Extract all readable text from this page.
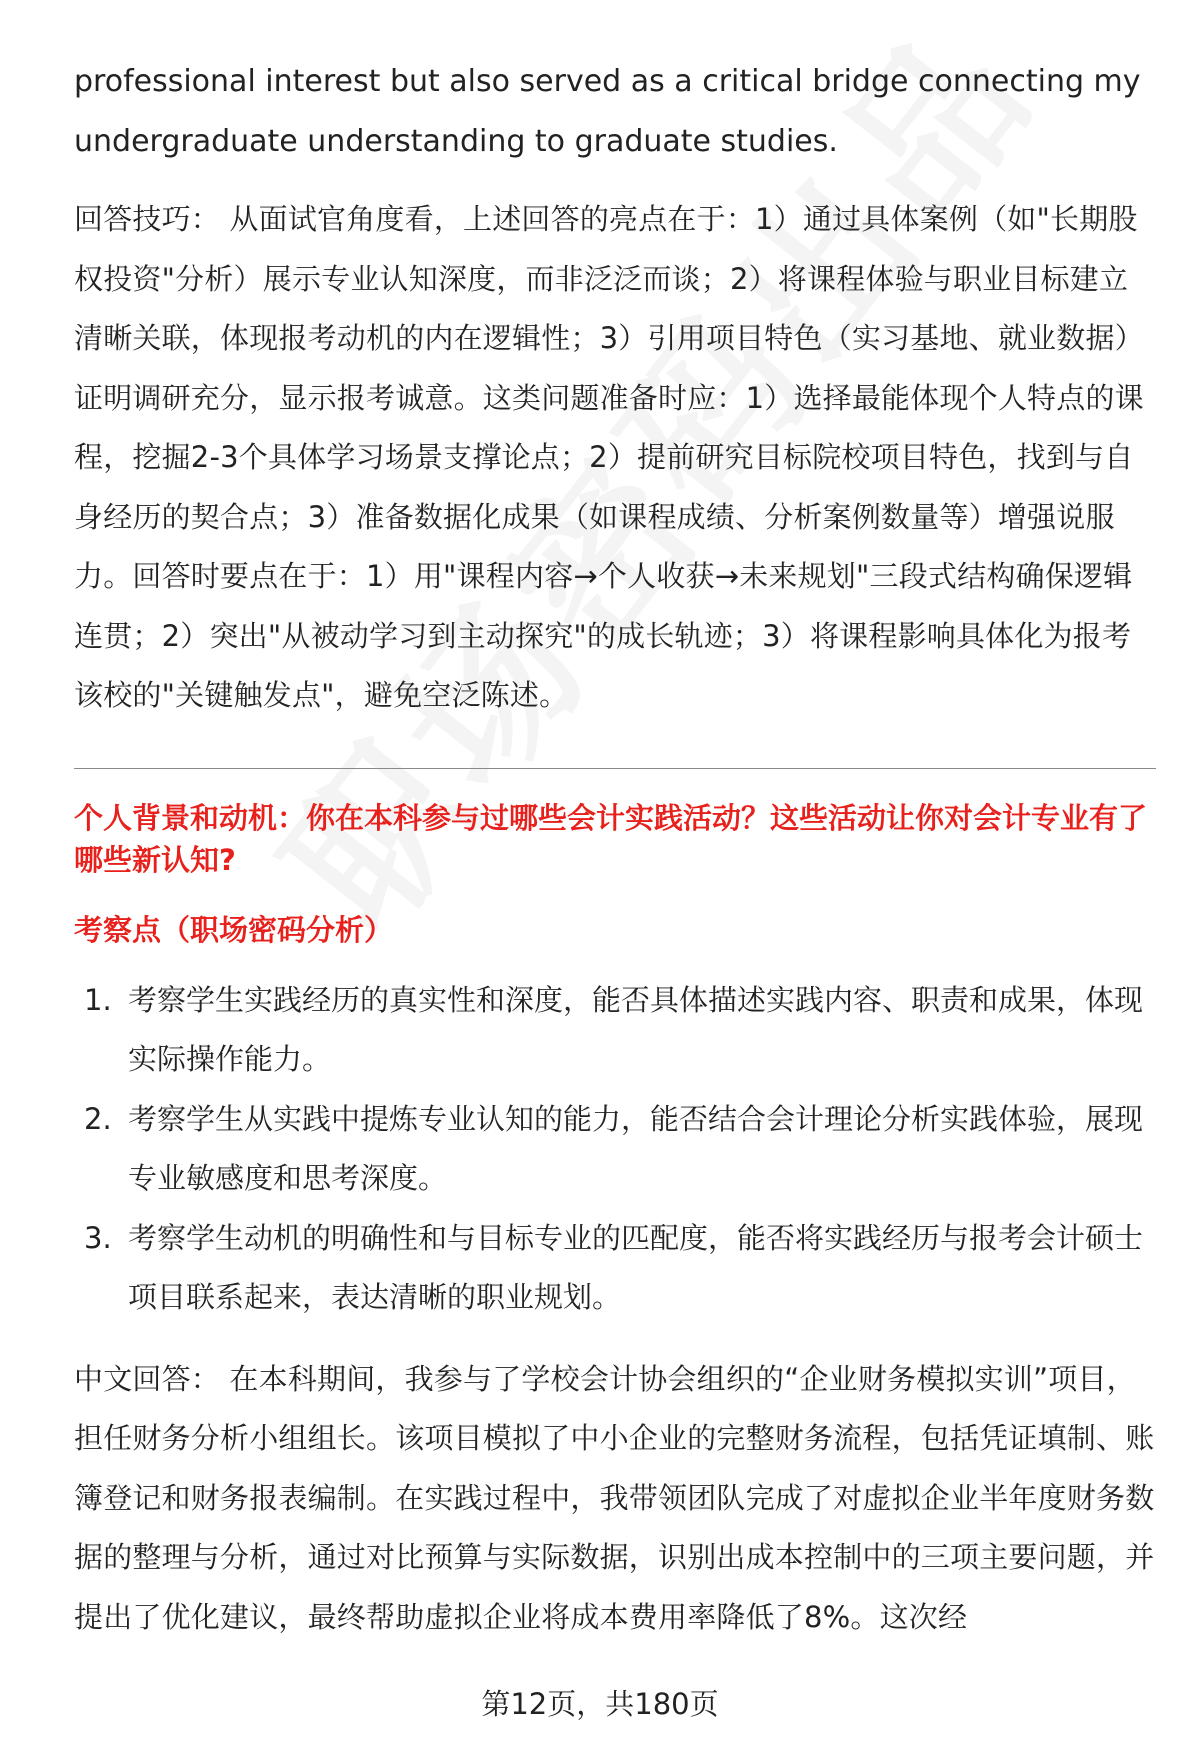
professional interest but also served as a critical bridge connecting my

undergraduate understanding to graduate studies.

回答技巧： 从面试官角度看，上述回答的亮点在于：1）通过具体案例（如"长期股权投资"分析）展示专业认知深度，而非泛泛而谈；2）将课程体验与职业目标建立清晰关联，体现报考动机的内在逻辑性；3）引用项目特色（实习基地、就业数据）证明调研充分，显示报考诚意。这类问题准备时应：1）选择最能体现个人特点的课程，挖掘2-3个具体学习场景支撑论点；2）提前研究目标院校项目特色，找到与自身经历的契合点；3）准备数据化成果（如课程成绩、分析案例数量等）增强说服力。回答时要点在于：1）用"课程内容→个人收获→未来规划"三段式结构确保逻辑连贯；2）突出"从被动学习到主动探究"的成长轨迹；3）将课程影响具体化为报考该校的"关键触发点"，避免空泛陈述。

个人背景和动机：你在本科参与过哪些会计实践活动？这些活动让你对会计专业有了哪些新认知?
考察点（职场密码分析）
1. 考察学生实践经历的真实性和深度，能否具体描述实践内容、职责和成果，体现实际操作能力。
2. 考察学生从实践中提炼专业认知的能力，能否结合会计理论分析实践体验，展现专业敏感度和思考深度。
3. 考察学生动机的明确性和与目标专业的匹配度，能否将实践经历与报考会计硕士项目联系起来，表达清晰的职业规划。

中文回答： 在本科期间，我参与了学校会计协会组织的“企业财务模拟实训”项目，担任财务分析小组组长。该项目模拟了中小企业的完整财务流程，包括凭证填制、账簿登记和财务报表编制。在实践过程中，我带领团队完成了对虚拟企业半年度财务数据的整理与分析，通过对比预算与实际数据，识别出成本控制中的三项主要问题，并提出了优化建议，最终帮助虚拟企业将成本费用率降低了8%。这次经

第12页，共180页
